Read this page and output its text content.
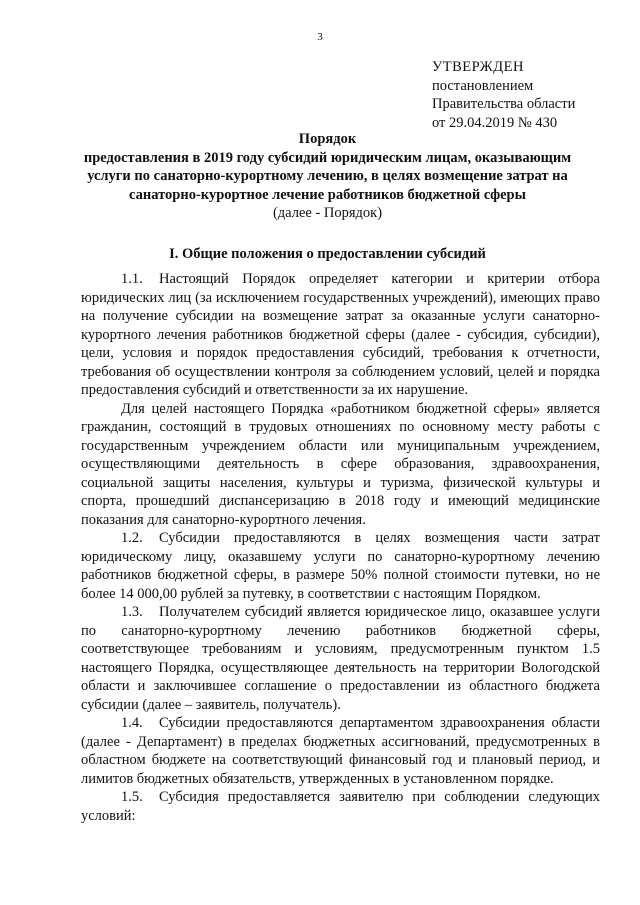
3
УТВЕРЖДЕН
постановлением
Правительства области
от 29.04.2019 № 430
Порядок
предоставления в 2019 году субсидий юридическим лицам, оказывающим
услуги по санаторно-курортному лечению, в целях возмещение затрат на
санаторно-курортное лечение работников бюджетной сферы
(далее - Порядок)
I. Общие положения о предоставлении субсидий

1.1. Настоящий Порядок определяет категории и критерии отбора юридических лиц (за исключением государственных учреждений), имеющих право на получение субсидии на возмещение затрат за оказанные услуги санаторно-курортного лечения работников бюджетной сферы (далее - субсидия, субсидии), цели, условия и порядок предоставления субсидий, требования к отчетности, требования об осуществлении контроля за соблюдением условий, целей и порядка предоставления субсидий и ответственности за их нарушение.

Для целей настоящего Порядка «работником бюджетной сферы» является гражданин, состоящий в трудовых отношениях по основному месту работы с государственным учреждением области или муниципальным учреждением, осуществляющими деятельность в сфере образования, здравоохранения, социальной защиты населения, культуры и туризма, физической культуры и спорта, прошедший диспансеризацию в 2018 году и имеющий медицинские показания для санаторно-курортного лечения.

1.2. Субсидии предоставляются в целях возмещения части затрат юридическому лицу, оказавшему услуги по санаторно-курортному лечению работников бюджетной сферы, в размере 50% полной стоимости путевки, но не более 14 000,00 рублей за путевку, в соответствии с настоящим Порядком.

1.3. Получателем субсидий является юридическое лицо, оказавшее услуги по санаторно-курортному лечению работников бюджетной сферы, соответствующее требованиям и условиям, предусмотренным пунктом 1.5 настоящего Порядка, осуществляющее деятельность на территории Вологодской области и заключившее соглашение о предоставлении из областного бюджета субсидии (далее – заявитель, получатель).

1.4. Субсидии предоставляются департаментом здравоохранения области (далее - Департамент) в пределах бюджетных ассигнований, предусмотренных в областном бюджете на соответствующий финансовый год и плановый период, и лимитов бюджетных обязательств, утвержденных в установленном порядке.

1.5. Субсидия предоставляется заявителю при соблюдении следующих условий:
